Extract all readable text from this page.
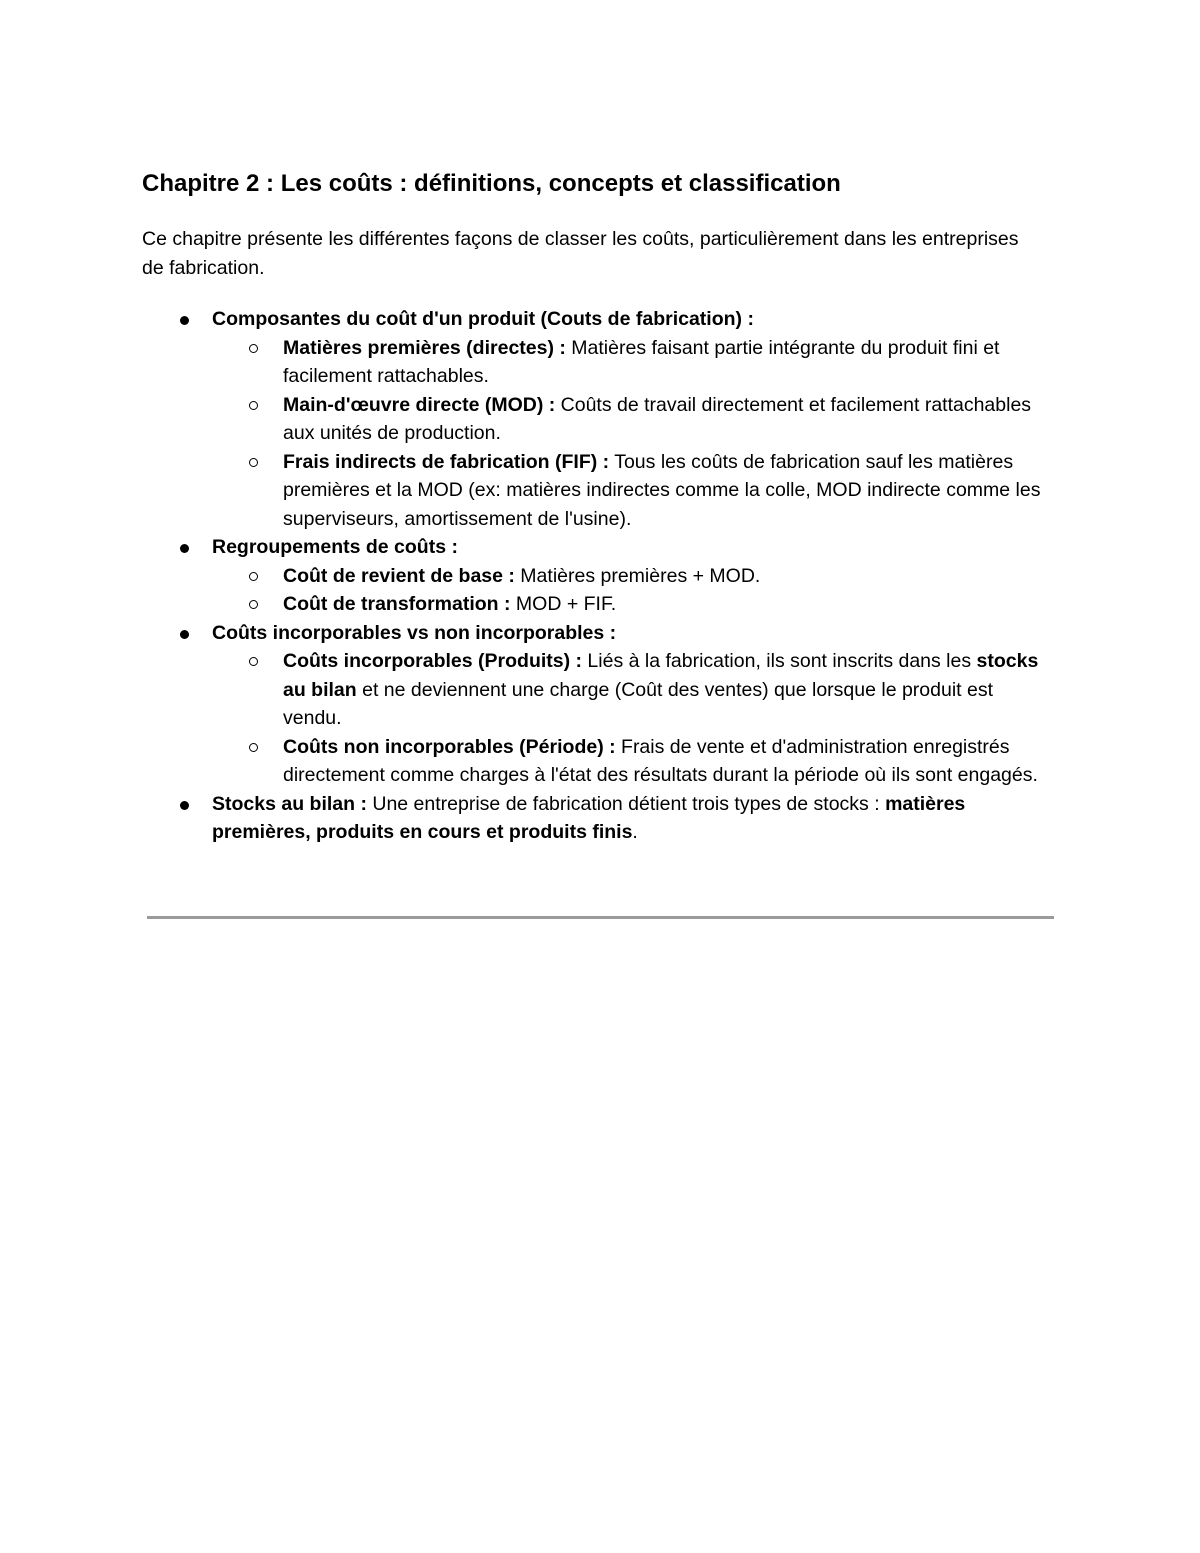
Chapitre 2 : Les coûts : définitions, concepts et classification

Ce chapitre présente les différentes façons de classer les coûts, particulièrement dans les entreprises de fabrication.

Composantes du coût d'un produit (Couts de fabrication) :
Matières premières (directes) : Matières faisant partie intégrante du produit fini et facilement rattachables.
Main-d'œuvre directe (MOD) : Coûts de travail directement et facilement rattachables aux unités de production.
Frais indirects de fabrication (FIF) : Tous les coûts de fabrication sauf les matières premières et la MOD (ex: matières indirectes comme la colle, MOD indirecte comme les superviseurs, amortissement de l'usine).
Regroupements de coûts :
Coût de revient de base : Matières premières + MOD.
Coût de transformation : MOD + FIF.
Coûts incorporables vs non incorporables :
Coûts incorporables (Produits) : Liés à la fabrication, ils sont inscrits dans les stocks au bilan et ne deviennent une charge (Coût des ventes) que lorsque le produit est vendu.
Coûts non incorporables (Période) : Frais de vente et d'administration enregistrés directement comme charges à l'état des résultats durant la période où ils sont engagés.
Stocks au bilan : Une entreprise de fabrication détient trois types de stocks : matières premières, produits en cours et produits finis.
